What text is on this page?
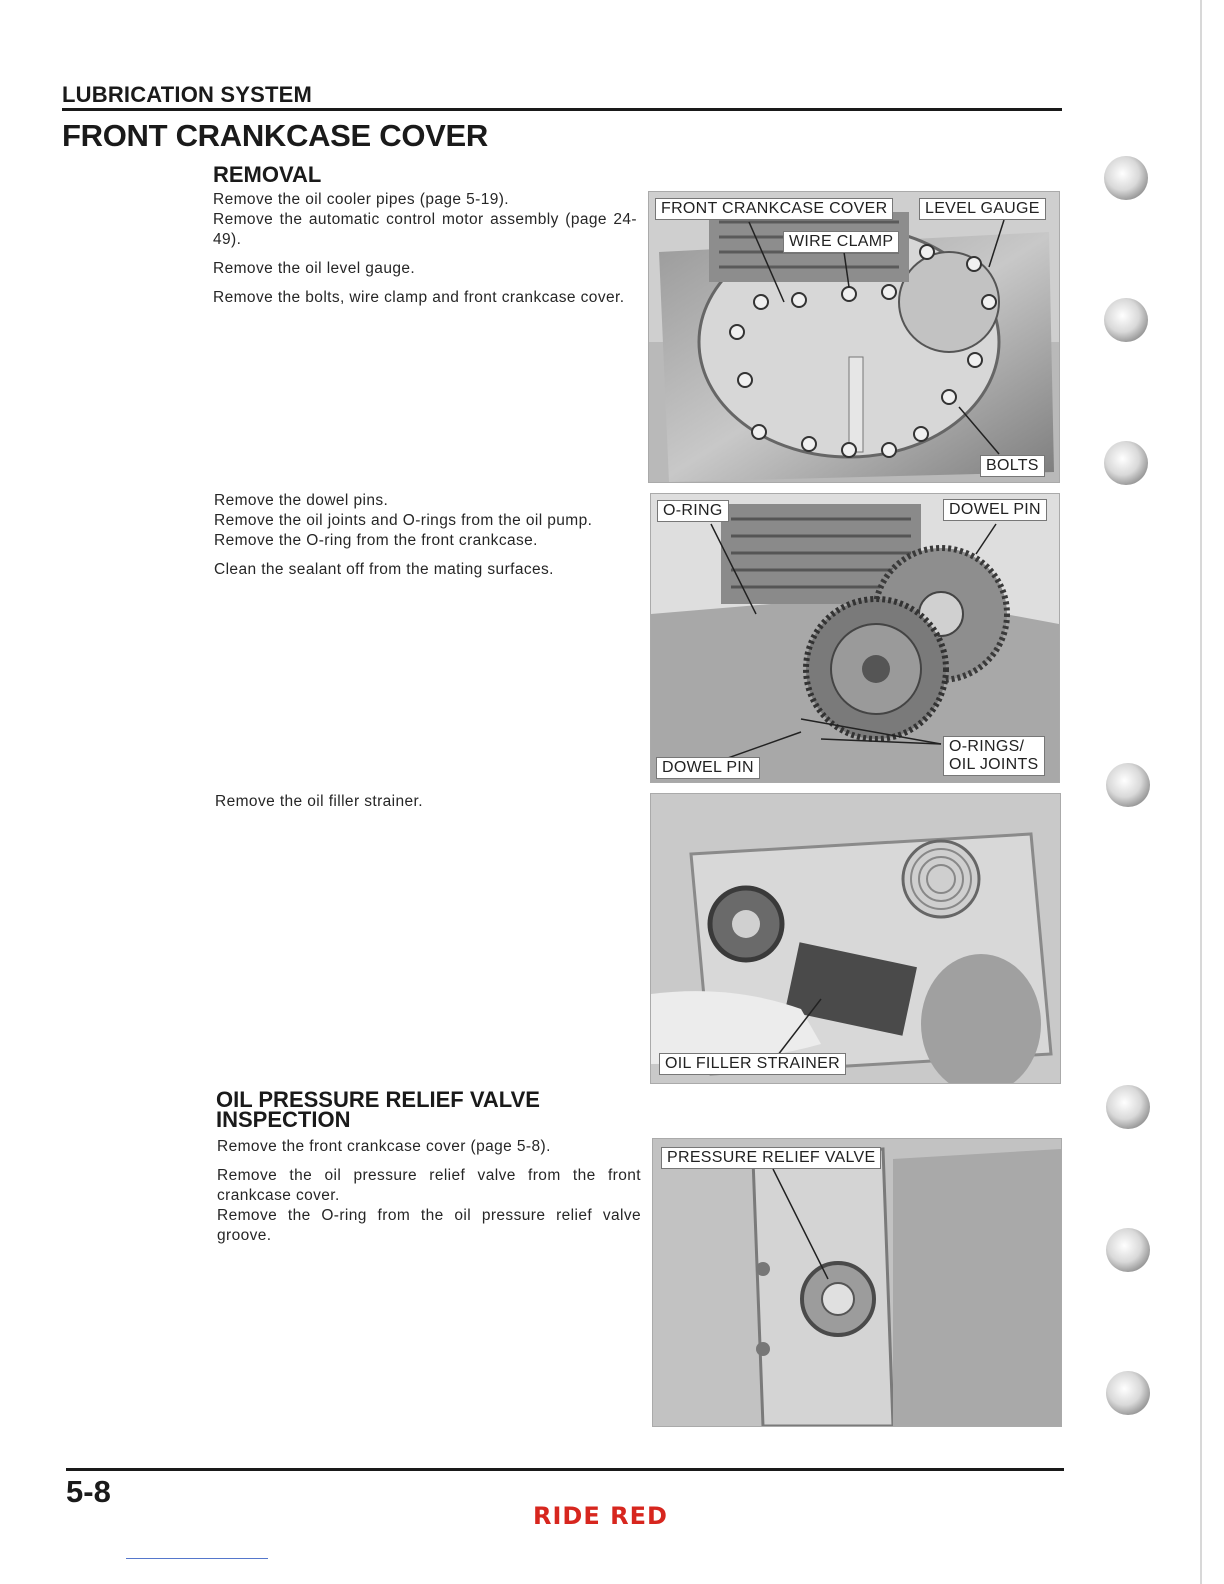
LUBRICATION SYSTEM
FRONT CRANKCASE COVER
REMOVAL

Remove the oil cooler pipes (page 5-19).

Remove the automatic control motor assembly (page 24-49).

Remove the oil level gauge.

Remove the bolts, wire clamp and front crankcase cover.

Remove the dowel pins.

Remove the oil joints and O-rings from the oil pump.

Remove the O-ring from the front crankcase.

Clean the sealant off from the mating surfaces.

Remove the oil filler strainer.

OIL PRESSURE RELIEF VALVE
INSPECTION

Remove the front crankcase cover (page 5-8).

Remove the oil pressure relief valve from the front crankcase cover.

Remove the O-ring from the oil pressure relief valve groove.

FRONT CRANKCASE COVER	LEVEL GAUGE
WIRE CLAMP
BOLTS
O-RING	DOWEL PIN
DOWEL PIN
O-RINGS/
OIL JOINTS
OIL FILLER STRAINER
PRESSURE RELIEF VALVE
5-8
RIDE RED
